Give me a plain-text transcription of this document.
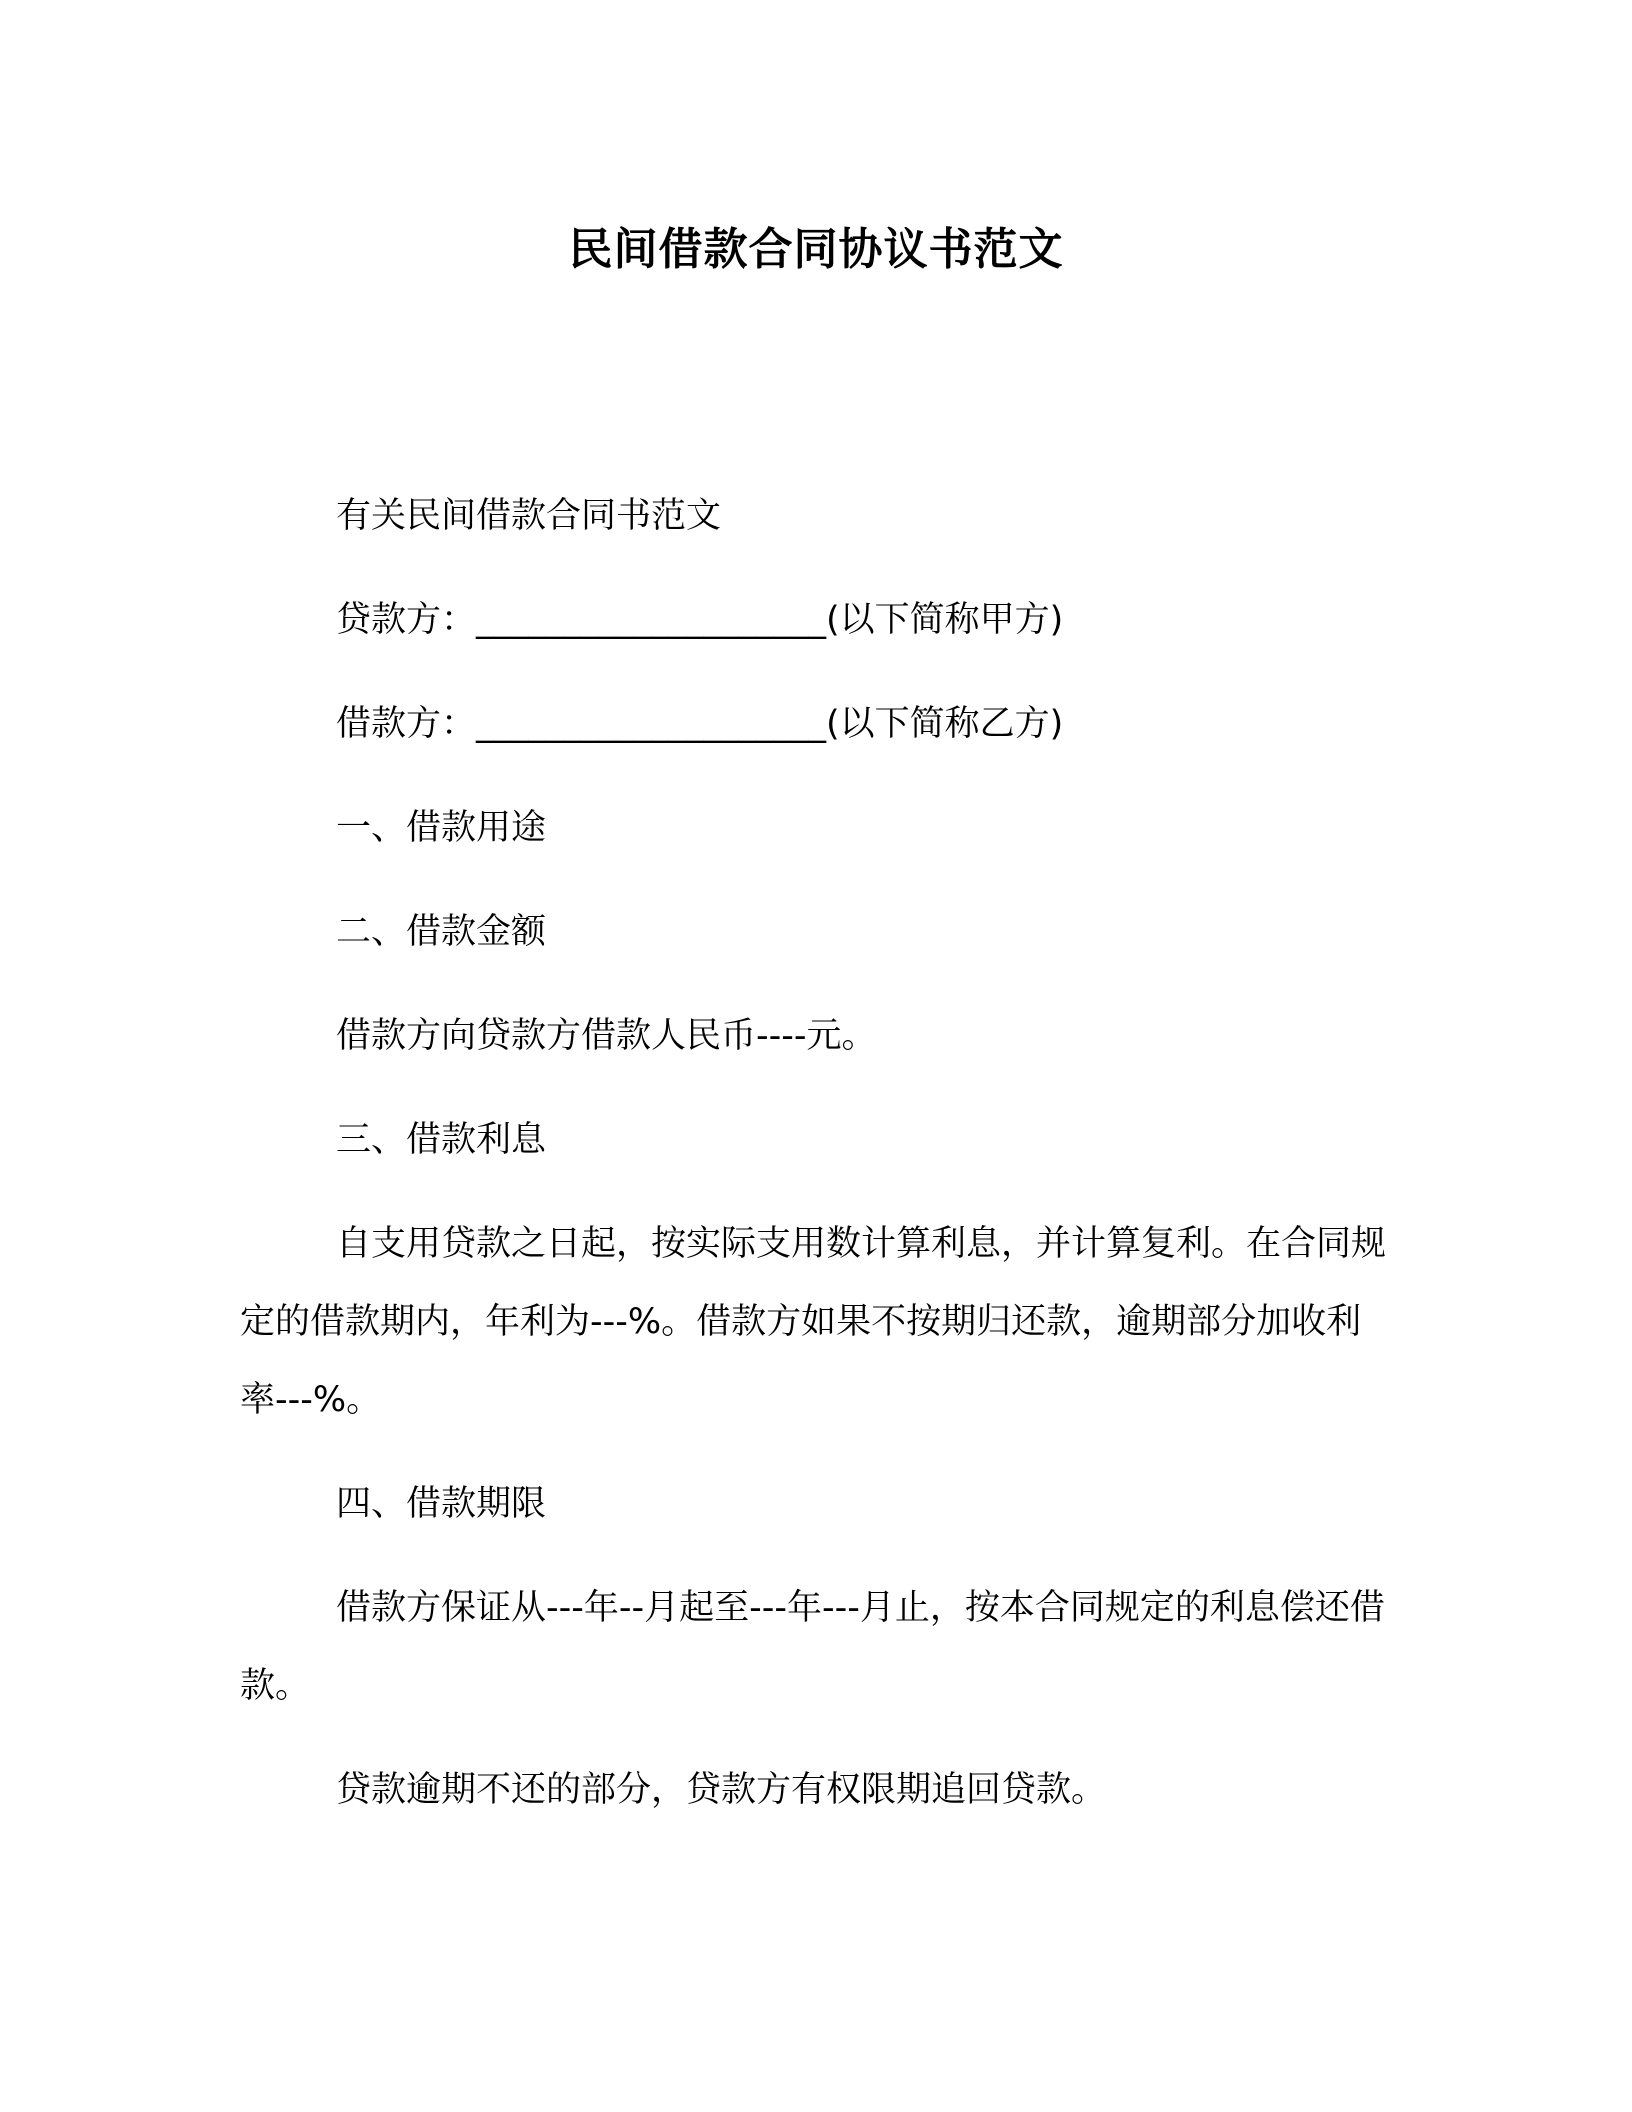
民间借款合同协议书范文

有关民间借款合同书范文

贷款方：____________________(以下简称甲方)

借款方：____________________(以下简称乙方)

一、借款用途

二、借款金额

借款方向贷款方借款人民币----元。

三、借款利息

自支用贷款之日起，按实际支用数计算利息，并计算复利。在合同规定的借款期内，年利为---%。借款方如果不按期归还款，逾期部分加收利率---%。

四、借款期限

借款方保证从---年--月起至---年---月止，按本合同规定的利息偿还借款。

贷款逾期不还的部分，贷款方有权限期追回贷款。
